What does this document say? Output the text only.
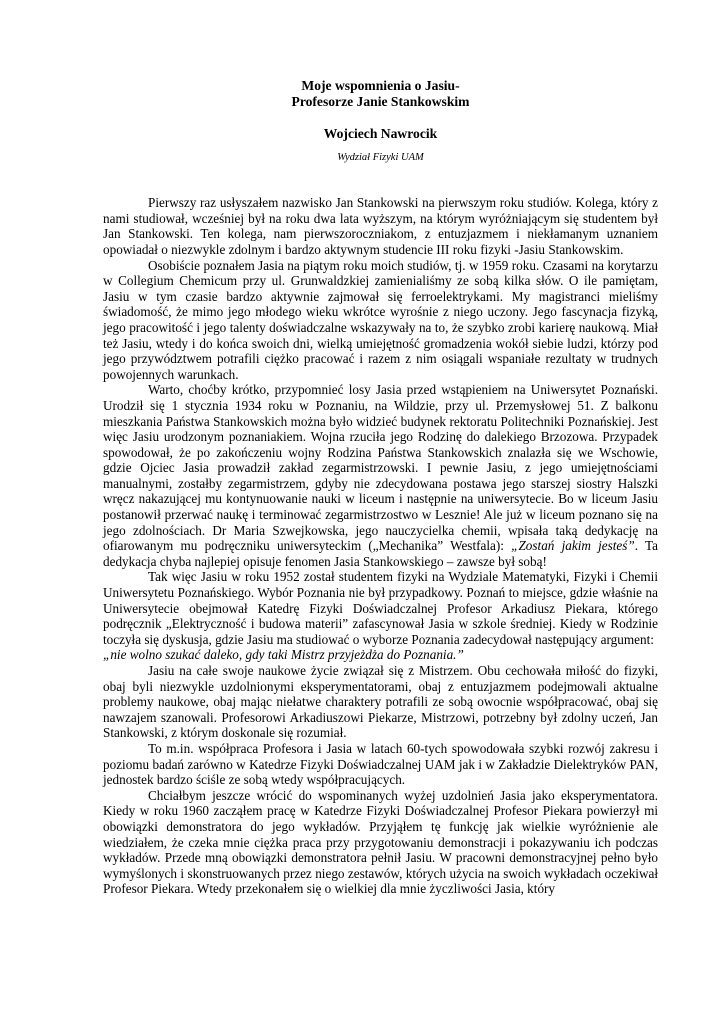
Moje wspomnienia o Jasiu-
Profesorze Janie Stankowskim
Wojciech Nawrocik
Wydział Fizyki UAM

Pierwszy raz usłyszałem nazwisko Jan Stankowski na pierwszym roku studiów. Kolega, który z nami studiował, wcześniej był na roku dwa lata wyższym, na którym wyróżniającym się studentem był Jan Stankowski. Ten kolega, nam pierwszoroczniakom, z entuzjazmem i niekłamanym uznaniem opowiadał o niezwykle zdolnym i bardzo aktywnym studencie III roku fizyki -Jasiu Stankowskim.

Osobiście poznałem Jasia na piątym roku moich studiów, tj. w 1959 roku. Czasami na korytarzu w Collegium Chemicum przy ul. Grunwaldzkiej zamienialiśmy ze sobą kilka słów. O ile pamiętam, Jasiu w tym czasie bardzo aktywnie zajmował się ferroelektrykami. My magistranci mieliśmy świadomość, że mimo jego młodego wieku wkrótce wyrośnie z niego uczony. Jego fascynacja fizyką, jego pracowitość i jego talenty doświadczalne wskazywały na to, że szybko zrobi karierę naukową. Miał też Jasiu, wtedy i do końca swoich dni, wielką umiejętność gromadzenia wokół siebie ludzi, którzy pod jego przywództwem potrafili ciężko pracować i razem z nim osiągali wspaniałe rezultaty w trudnych powojennych warunkach.

Warto, choćby krótko, przypomnieć losy Jasia przed wstąpieniem na Uniwersytet Poznański. Urodził się 1 stycznia 1934 roku w Poznaniu, na Wildzie, przy ul. Przemysłowej 51. Z balkonu mieszkania Państwa Stankowskich można było widzieć budynek rektoratu Politechniki Poznańskiej. Jest więc Jasiu urodzonym poznaniakiem. Wojna rzuciła jego Rodzinę do dalekiego Brzozowa. Przypadek spowodował, że po zakończeniu wojny Rodzina Państwa Stankowskich znalazła się we Wschowie, gdzie Ojciec Jasia prowadził zakład zegarmistrzowski. I pewnie Jasiu, z jego umiejętnościami manualnymi, zostałby zegarmistrzem, gdyby nie zdecydowana postawa jego starszej siostry Halszki wręcz nakazującej mu kontynuowanie nauki w liceum i następnie na uniwersytecie. Bo w liceum Jasiu postanowił przerwać naukę i terminować zegarmistrzostwo w Lesznie! Ale już w liceum poznano się na jego zdolnościach. Dr Maria Szwejkowska, jego nauczycielka chemii, wpisała taką dedykację na ofiarowanym mu podręczniku uniwersyteckim („Mechanika” Westfala): „Zostań jakim jesteś”. Ta dedykacja chyba najlepiej opisuje fenomen Jasia Stankowskiego – zawsze był sobą!

Tak więc Jasiu w roku 1952 został studentem fizyki na Wydziale Matematyki, Fizyki i Chemii Uniwersytetu Poznańskiego. Wybór Poznania nie był przypadkowy. Poznań to miejsce, gdzie właśnie na Uniwersytecie obejmował Katedrę Fizyki Doświadczalnej Profesor Arkadiusz Piekara, którego podręcznik „Elektryczność i budowa materii” zafascynował Jasia w szkole średniej. Kiedy w Rodzinie toczyła się dyskusja, gdzie Jasiu ma studiować o wyborze Poznania zadecydował następujący argument:

„nie wolno szukać daleko, gdy taki Mistrz przyjeżdża do Poznania.”

Jasiu na całe swoje naukowe życie związał się z Mistrzem. Obu cechowała miłość do fizyki, obaj byli niezwykle uzdolnionymi eksperymentatorami, obaj z entuzjazmem podejmowali aktualne problemy naukowe, obaj mając niełatwe charaktery potrafili ze sobą owocnie współpracować, obaj się nawzajem szanowali. Profesorowi Arkadiuszowi Piekarze, Mistrzowi, potrzebny był zdolny uczeń, Jan Stankowski, z którym doskonale się rozumiał.

To m.in. współpraca Profesora i Jasia w latach 60-tych spowodowała szybki rozwój zakresu i poziomu badań zarówno w Katedrze Fizyki Doświadczalnej UAM jak i w Zakładzie Dielektryków PAN, jednostek bardzo ściśle ze sobą wtedy współpracujących.

Chciałbym jeszcze wrócić do wspominanych wyżej uzdolnień Jasia jako eksperymentatora. Kiedy w roku 1960 zacząłem pracę w Katedrze Fizyki Doświadczalnej Profesor Piekara powierzył mi obowiązki demonstratora do jego wykładów. Przyjąłem tę funkcję jak wielkie wyróżnienie ale wiedziałem, że czeka mnie ciężka praca przy przygotowaniu demonstracji i pokazywaniu ich podczas wykładów. Przede mną obowiązki demonstratora pełnił Jasiu. W pracowni demonstracyjnej pełno było wymyślonych i skonstruowanych przez niego zestawów, których użycia na swoich wykładach oczekiwał Profesor Piekara. Wtedy przekonałem się o wielkiej dla mnie życzliwości Jasia, który
